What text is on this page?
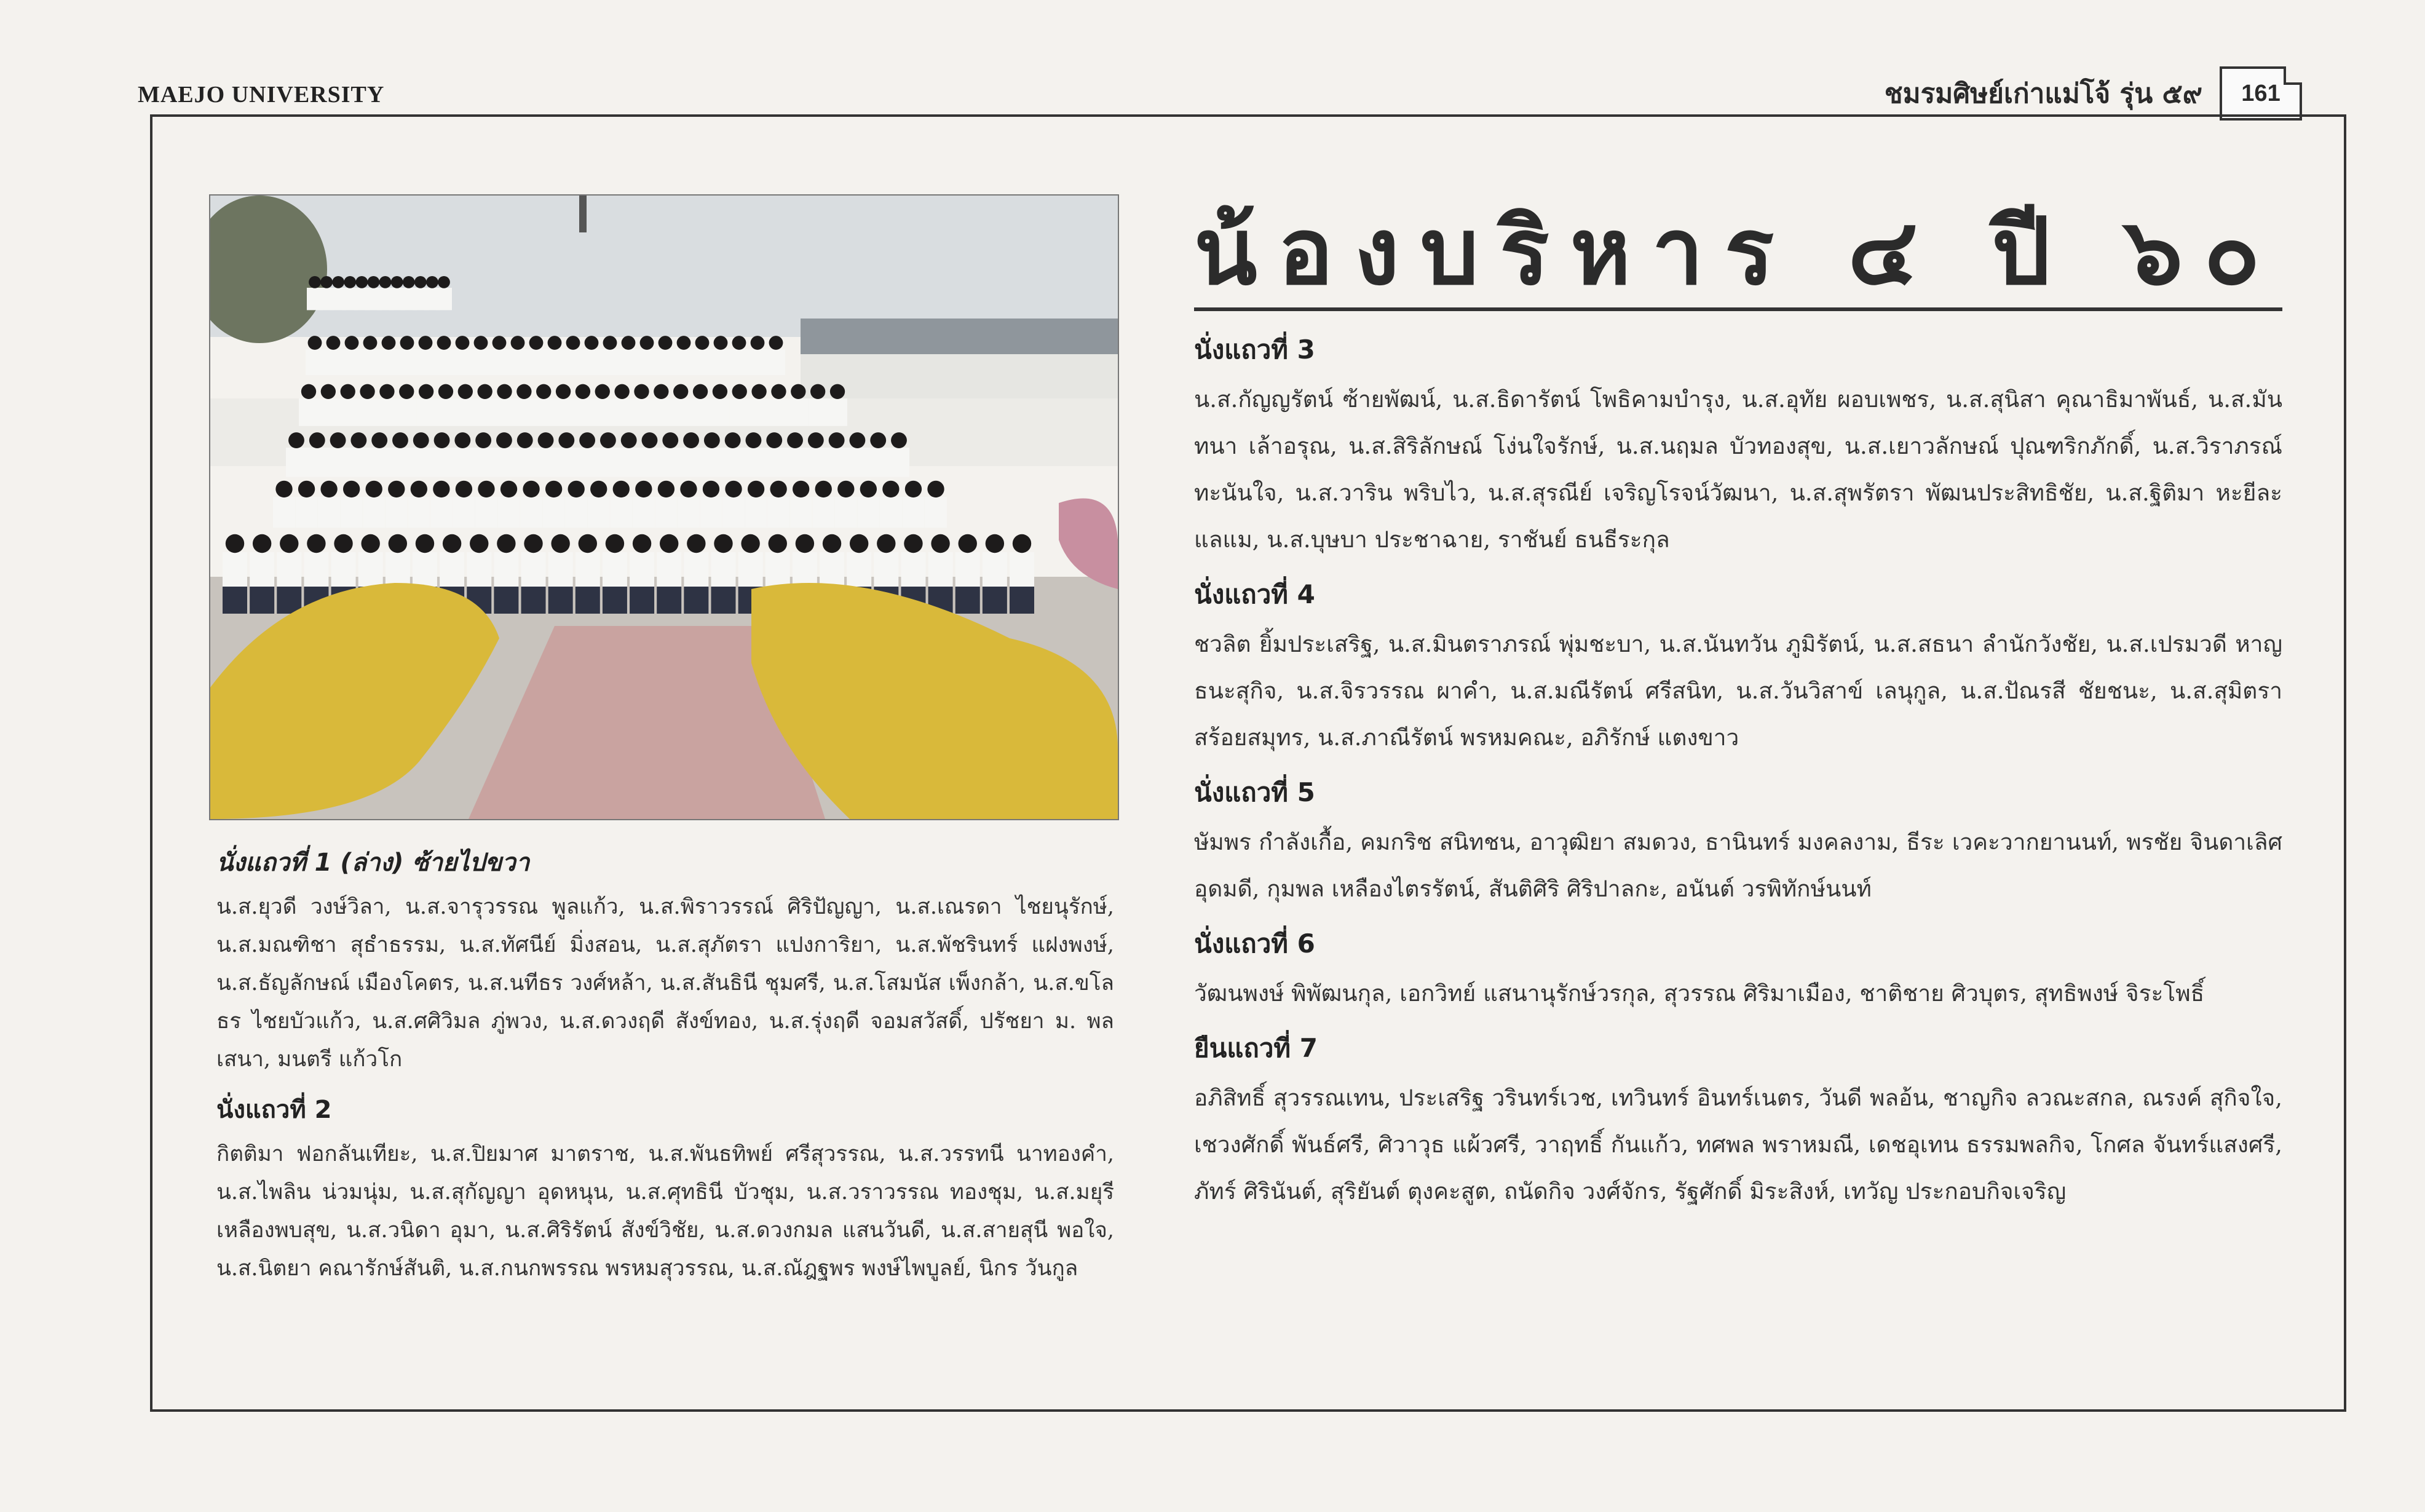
MAEJO UNIVERSITY	ชมรมศิษย์เก่าแม่โจ้ รุ่น ๕๙	161
นั่งแถวที่ 1 (ล่าง) ซ้ายไปขวา
น.ส.ยุวดี วงษ์วิลา, น.ส.จารุวรรณ พูลแก้ว, น.ส.พิราวรรณ์ ศิริปัญญา, น.ส.เณรดา ไชยนุรักษ์, น.ส.มณฑิชา สุธำธรรม, น.ส.ทัศนีย์ มิ่งสอน, น.ส.สุภัตรา แปงการิยา, น.ส.พัชรินทร์ แฝงพงษ์, น.ส.ธัญลักษณ์ เมืองโคตร, น.ส.นทีธร วงศ์หล้า, น.ส.สันธินี ชุมศรี, น.ส.โสมนัส เพ็งกล้า, น.ส.ขโลธร ไชยบัวแก้ว, น.ส.ศศิวิมล ภู่พวง, น.ส.ดวงฤดี สังข์ทอง, น.ส.รุ่งฤดี จอมสวัสดิ์, ปรัชยา ม. พลเสนา, มนตรี แก้วโก
นั่งแถวที่ 2
กิตติมา ฟอกลันเทียะ, น.ส.ปิยมาศ มาตราช, น.ส.พันธทิพย์ ศรีสุวรรณ, น.ส.วรรทนี นาทองคำ, น.ส.ไพลิน น่วมนุ่ม, น.ส.สุกัญญา อุดหนุน, น.ส.ศุทธินี บัวชุม, น.ส.วราวรรณ ทองชุม, น.ส.มยุรี เหลืองพบสุข, น.ส.วนิดา อุมา, น.ส.ศิริรัตน์ สังข์วิชัย, น.ส.ดวงกมล แสนวันดี, น.ส.สายสุนี พอใจ, น.ส.นิตยา คณารักษ์สันติ, น.ส.กนกพรรณ พรหมสุวรรณ, น.ส.ณัฎฐพร พงษ์ไพบูลย์, นิกร วันกูล
น้องบริหาร ๔ ปี ๖๐
นั่งแถวที่ 3
น.ส.กัญญรัตน์ ซ้ายพัฒน์, น.ส.ธิดารัตน์ โพธิคามบำรุง, น.ส.อุทัย ผอบเพชร, น.ส.สุนิสา คุณาธิมาพันธ์, น.ส.มันทนา เล้าอรุณ, น.ส.สิริลักษณ์ โง่นใจรักษ์, น.ส.นฤมล บัวทองสุข, น.ส.เยาวลักษณ์ ปุณฑริกภักดิ์, น.ส.วิราภรณ์ ทะนันใจ, น.ส.วาริน พริบไว, น.ส.สุรณีย์ เจริญโรจน์วัฒนา, น.ส.สุพรัตรา พัฒนประสิทธิชัย, น.ส.ฐิติมา หะยีละแลแม, น.ส.บุษบา ประชาฉาย, ราชันย์ ธนธีระกุล
นั่งแถวที่ 4
ชวลิต ยิ้มประเสริฐ, น.ส.มินตราภรณ์ พุ่มชะบา, น.ส.นันทวัน ภูมิรัตน์, น.ส.สธนา ลำนักวังชัย, น.ส.เปรมวดี หาญธนะสุกิจ, น.ส.จิรวรรณ ผาคำ, น.ส.มณีรัตน์ ศรีสนิท, น.ส.วันวิสาข์ เลนุกูล, น.ส.ปัณรสี ชัยชนะ, น.ส.สุมิตรา สร้อยสมุทร, น.ส.ภาณีรัตน์ พรหมคณะ, อภิรักษ์ แตงขาว
นั่งแถวที่ 5
ษัมพร กำลังเกื้อ, คมกริช สนิทชน, อาวุฒิยา สมดวง, ธานินทร์ มงคลงาม, ธีระ เวคะวากยานนท์, พรชัย จินดาเลิศอุดมดี, กุมพล เหลืองไตรรัตน์, สันติศิริ ศิริปาลกะ, อนันต์ วรพิทักษ์นนท์
นั่งแถวที่ 6
วัฒนพงษ์ พิพัฒนกุล, เอกวิทย์ แสนานุรักษ์วรกุล, สุวรรณ ศิริมาเมือง, ชาติชาย ศิวบุตร, สุทธิพงษ์ จิระโพธิ์
ยืนแถวที่ 7
อภิสิทธิ์ สุวรรณเทน, ประเสริฐ วรินทร์เวช, เทวินทร์ อินทร์เนตร, วันดี พลอ้น, ชาญกิจ ลวณะสกล, ณรงค์ สุกิจใจ, เชวงศักดิ์ พันธ์ศรี, ศิวาวุธ แผ้วศรี, วาฤทธิ์ กันแก้ว, ทศพล พราหมณี, เดชอุเทน ธรรมพลกิจ, โกศล จันทร์แสงศรี, ภัทร์ ศิรินันต์, สุริยันต์ ตุงคะสูต, ถนัดกิจ วงศ์จักร, รัฐศักดิ์ มิระสิงห์, เทวัญ ประกอบกิจเจริญ
